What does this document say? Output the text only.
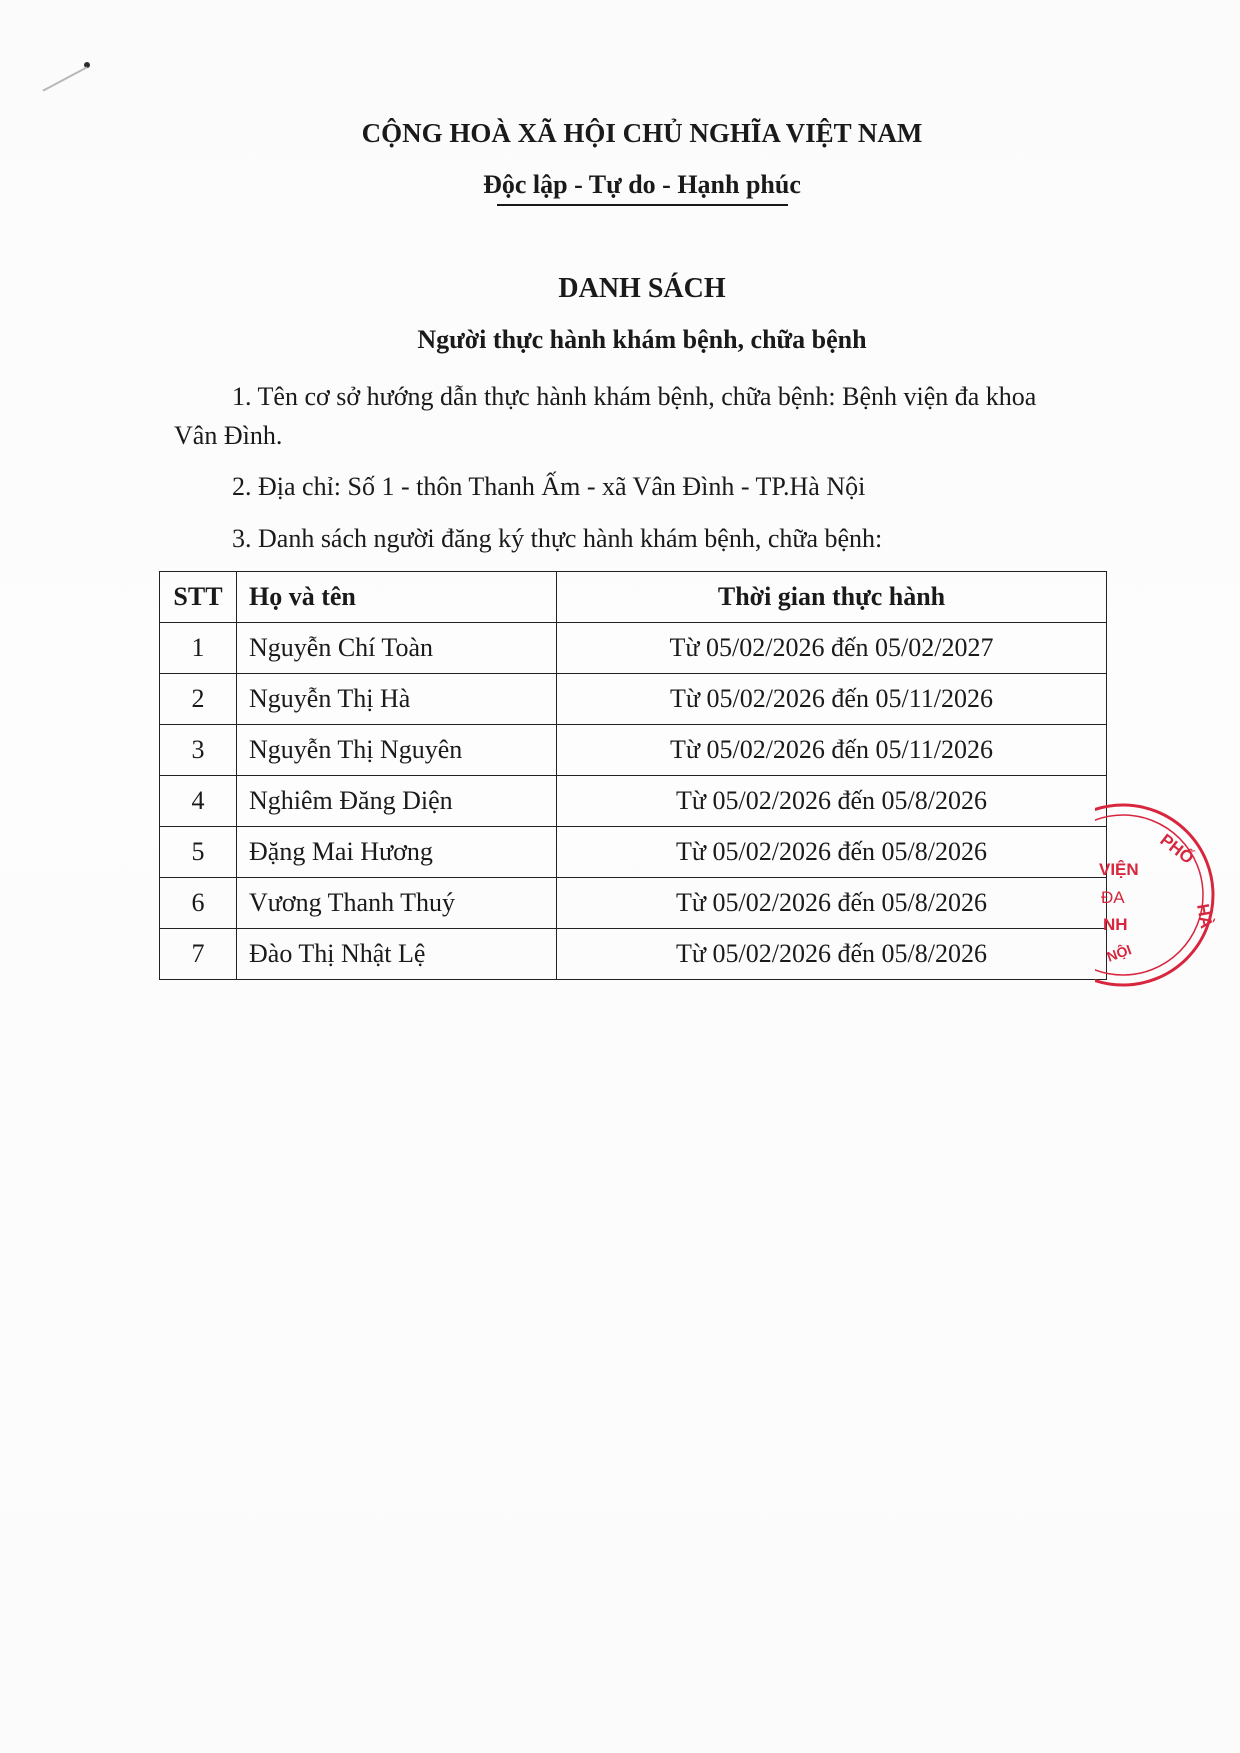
CỘNG HOÀ XÃ HỘI CHỦ NGHĨA VIỆT NAM

Độc lập - Tự do - Hạnh phúc

DANH SÁCH

Người thực hành khám bệnh, chữa bệnh

1. Tên cơ sở hướng dẫn thực hành khám bệnh, chữa bệnh: Bệnh viện đa khoa Vân Đình.

2. Địa chỉ: Số 1 - thôn Thanh Ấm - xã Vân Đình - TP.Hà Nội

3. Danh sách người đăng ký thực hành khám bệnh, chữa bệnh:

STT	Họ và tên	Thời gian thực hành
1	Nguyễn Chí Toàn	Từ 05/02/2026 đến 05/02/2027
2	Nguyễn Thị Hà	Từ 05/02/2026 đến 05/11/2026
3	Nguyễn Thị Nguyên	Từ 05/02/2026 đến 05/11/2026
4	Nghiêm Đăng Diện	Từ 05/02/2026 đến 05/8/2026
5	Đặng Mai Hương	Từ 05/02/2026 đến 05/8/2026
6	Vương Thanh Thuý	Từ 05/02/2026 đến 05/8/2026
7	Đào Thị Nhật Lệ	Từ 05/02/2026 đến 05/8/2026
PHỐ
HÀ
VIỆN
ĐA
NH
NỘI
